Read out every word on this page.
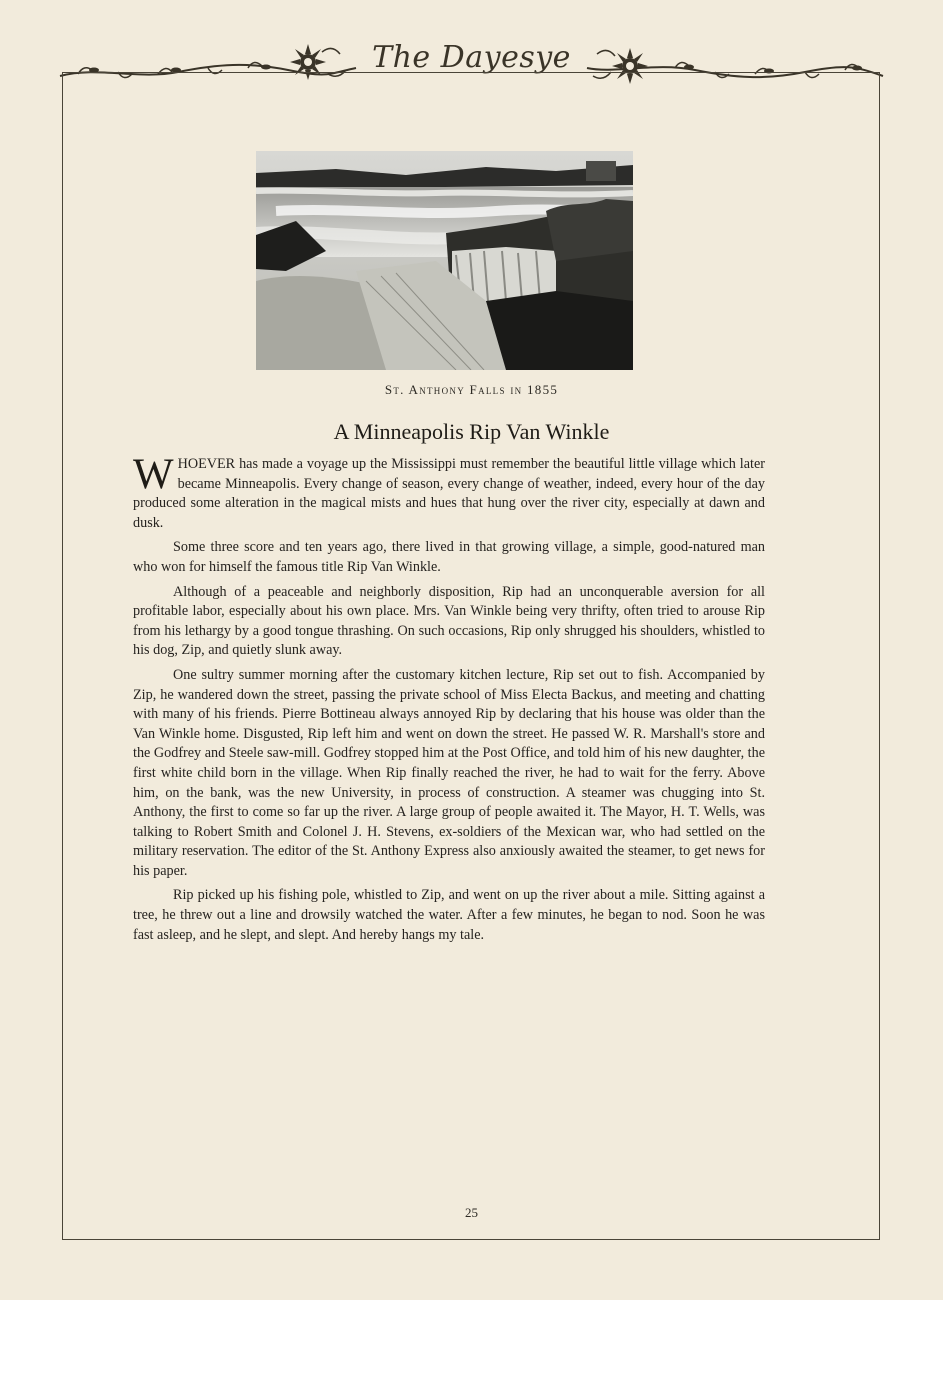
The Dayesye
St. Anthony Falls in 1855
A Minneapolis Rip Van Winkle

WHOEVER has made a voyage up the Mississippi must remember the beautiful little village which later became Minneapolis. Every change of season, every change of weather, indeed, every hour of the day produced some alteration in the magical mists and hues that hung over the river city, especially at dawn and dusk.

Some three score and ten years ago, there lived in that growing village, a simple, good-natured man who won for himself the famous title Rip Van Winkle.

Although of a peaceable and neighborly disposition, Rip had an unconquerable aversion for all profitable labor, especially about his own place. Mrs. Van Winkle being very thrifty, often tried to arouse Rip from his lethargy by a good tongue thrashing. On such occasions, Rip only shrugged his shoulders, whistled to his dog, Zip, and quietly slunk away.

One sultry summer morning after the customary kitchen lecture, Rip set out to fish. Accompanied by Zip, he wandered down the street, passing the private school of Miss Electa Backus, and meeting and chatting with many of his friends. Pierre Bottineau always annoyed Rip by declaring that his house was older than the Van Winkle home. Disgusted, Rip left him and went on down the street. He passed W. R. Marshall's store and the Godfrey and Steele saw-mill. Godfrey stopped him at the Post Office, and told him of his new daughter, the first white child born in the village. When Rip finally reached the river, he had to wait for the ferry. Above him, on the bank, was the new University, in process of construction. A steamer was chugging into St. Anthony, the first to come so far up the river. A large group of people awaited it. The Mayor, H. T. Wells, was talking to Robert Smith and Colonel J. H. Stevens, ex-soldiers of the Mexican war, who had settled on the military reservation. The editor of the St. Anthony Express also anxiously awaited the steamer, to get news for his paper.

Rip picked up his fishing pole, whistled to Zip, and went on up the river about a mile. Sitting against a tree, he threw out a line and drowsily watched the water. After a few minutes, he began to nod. Soon he was fast asleep, and he slept, and slept. And hereby hangs my tale.

25
